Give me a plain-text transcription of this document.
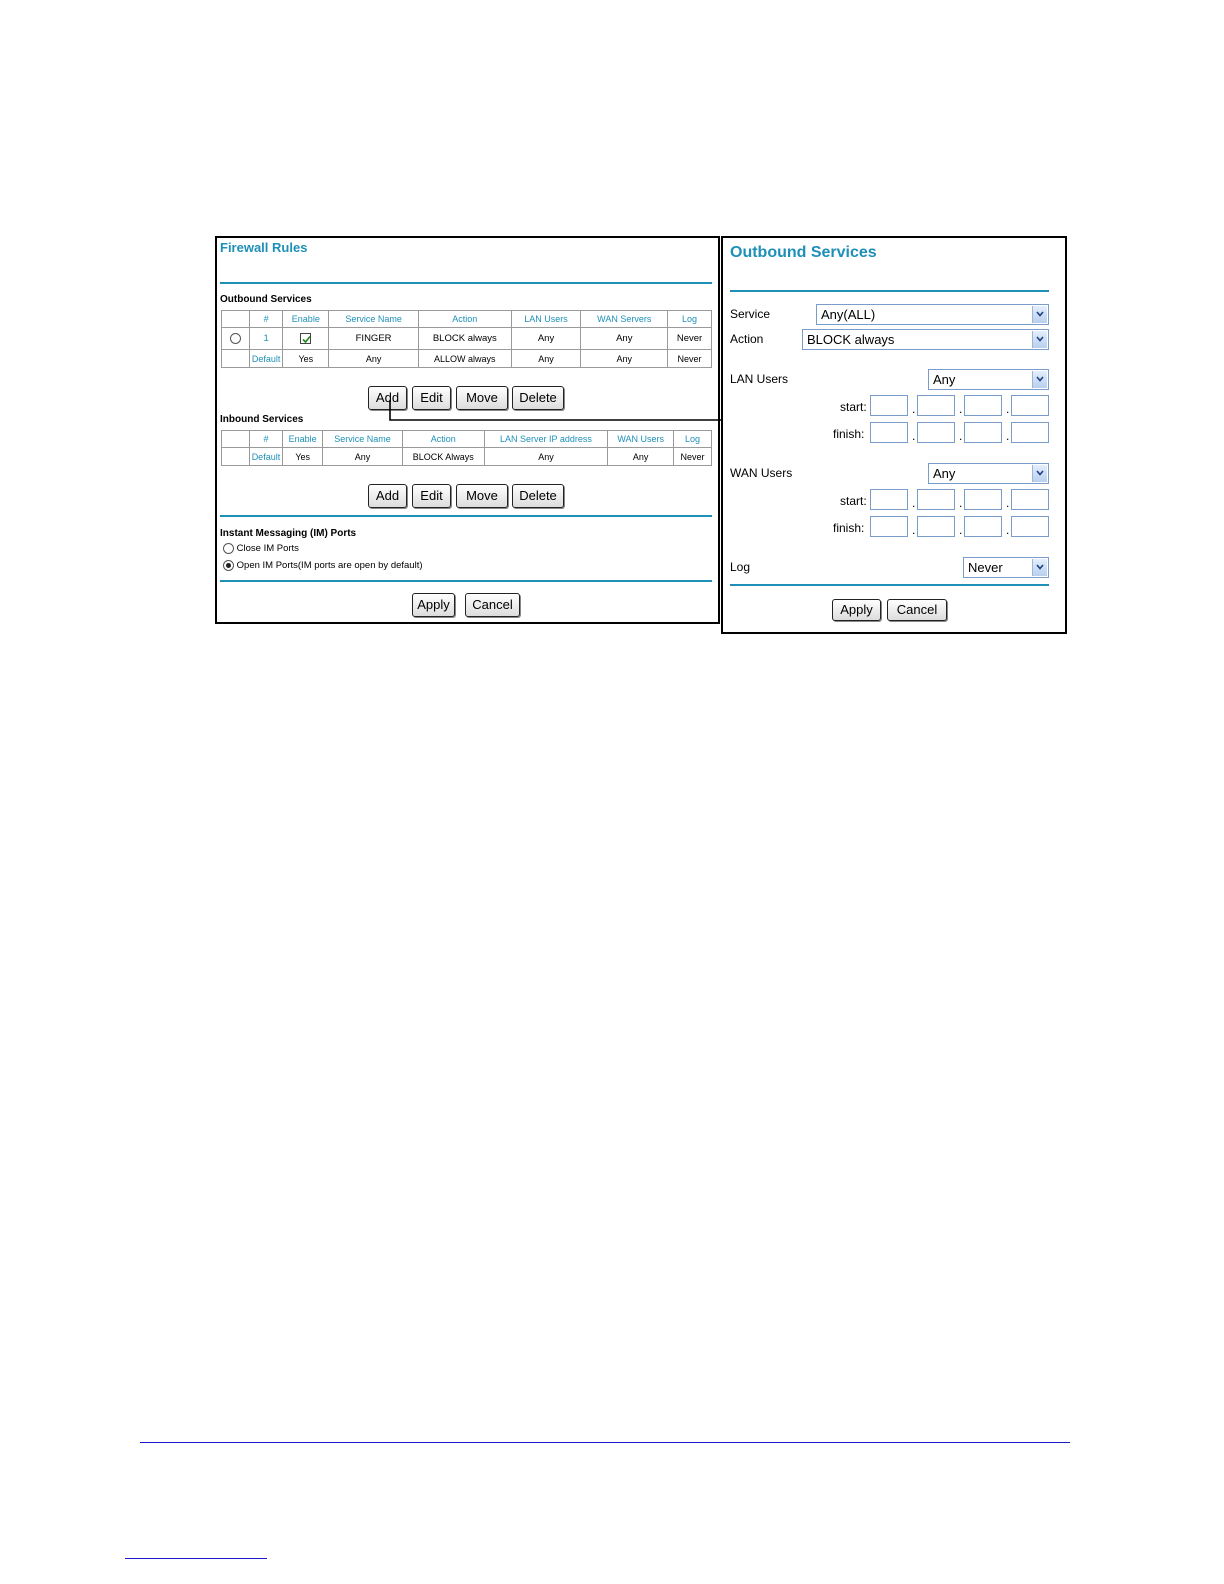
Firewall Rules
Outbound Services
	#	Enable	Service Name	Action	LAN Users	WAN Servers	Log
	1		FINGER	BLOCK always	Any	Any	Never
	Default	Yes	Any	ALLOW always	Any	Any	Never
Add	Edit	Move	Delete
Inbound Services
	#	Enable	Service Name	Action	LAN Server IP address	WAN Users	Log
	Default	Yes	Any	BLOCK Always	Any	Any	Never
Add	Edit	Move	Delete
Instant Messaging (IM) Ports
Close IM Ports
Open IM Ports(IM ports are open by default)
Apply	Cancel
Outbound Services
Service	Any(ALL)
Action	BLOCK always
LAN Users	Any
start:	.	.	.
finish:	.	.	.
WAN Users	Any
start:	.	.	.
finish:	.	.	.
Log	Never
Apply	Cancel
